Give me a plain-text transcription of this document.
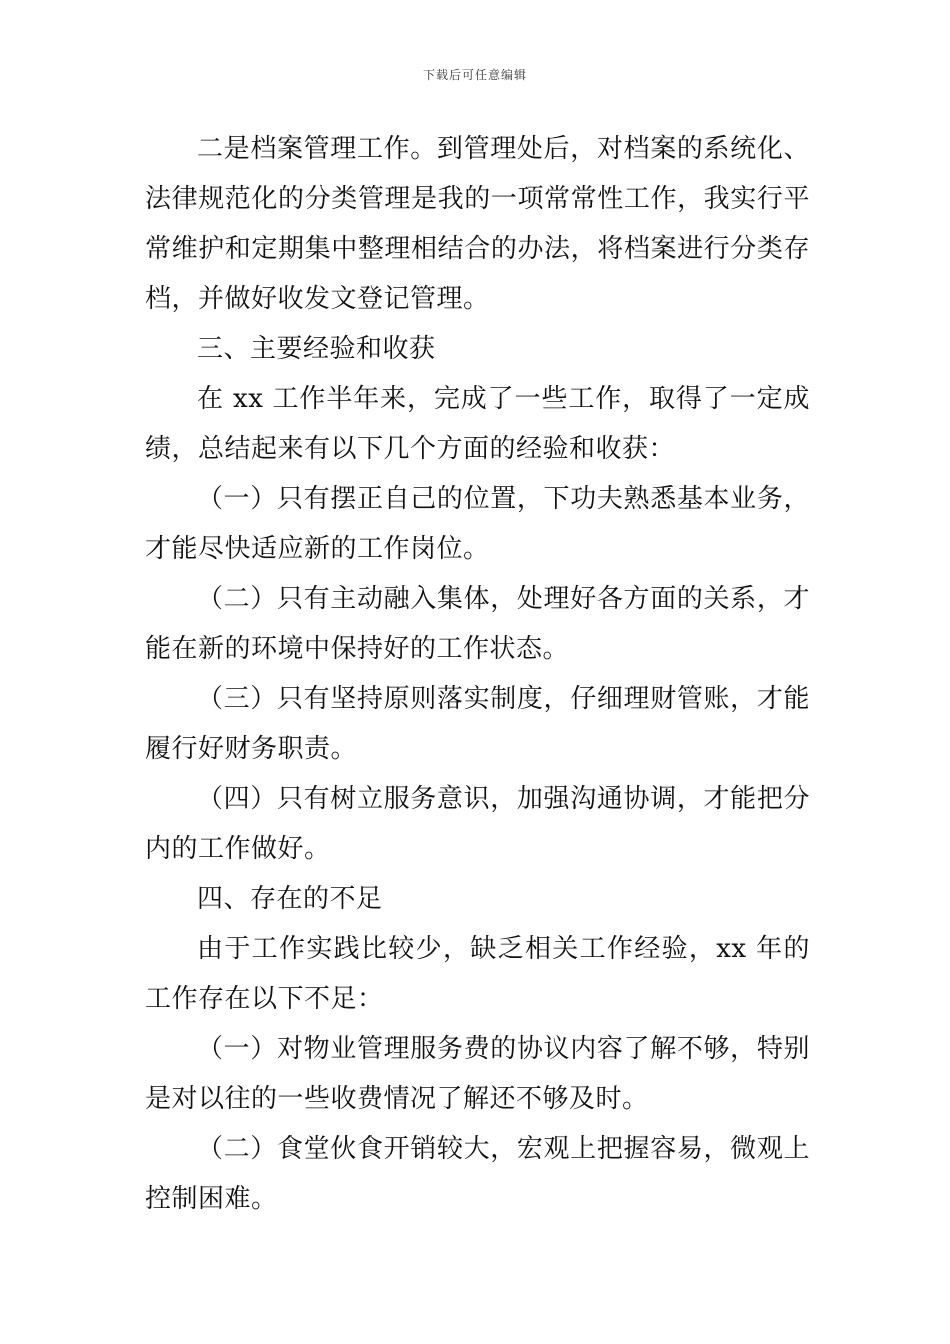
下载后可任意编辑

二是档案管理工作。到管理处后，对档案的系统化、法律规范化的分类管理是我的一项常常性工作，我实行平常维护和定期集中整理相结合的办法，将档案进行分类存档，并做好收发文登记管理。

三、主要经验和收获

在 xx 工作半年来，完成了一些工作，取得了一定成绩，总结起来有以下几个方面的经验和收获：

（一）只有摆正自己的位置，下功夫熟悉基本业务，才能尽快适应新的工作岗位。

（二）只有主动融入集体，处理好各方面的关系，才能在新的环境中保持好的工作状态。

（三）只有坚持原则落实制度，仔细理财管账，才能履行好财务职责。

（四）只有树立服务意识，加强沟通协调，才能把分内的工作做好。

四、存在的不足

由于工作实践比较少，缺乏相关工作经验，xx 年的工作存在以下不足：

（一）对物业管理服务费的协议内容了解不够，特别是对以往的一些收费情况了解还不够及时。

（二）食堂伙食开销较大，宏观上把握容易，微观上控制困难。
